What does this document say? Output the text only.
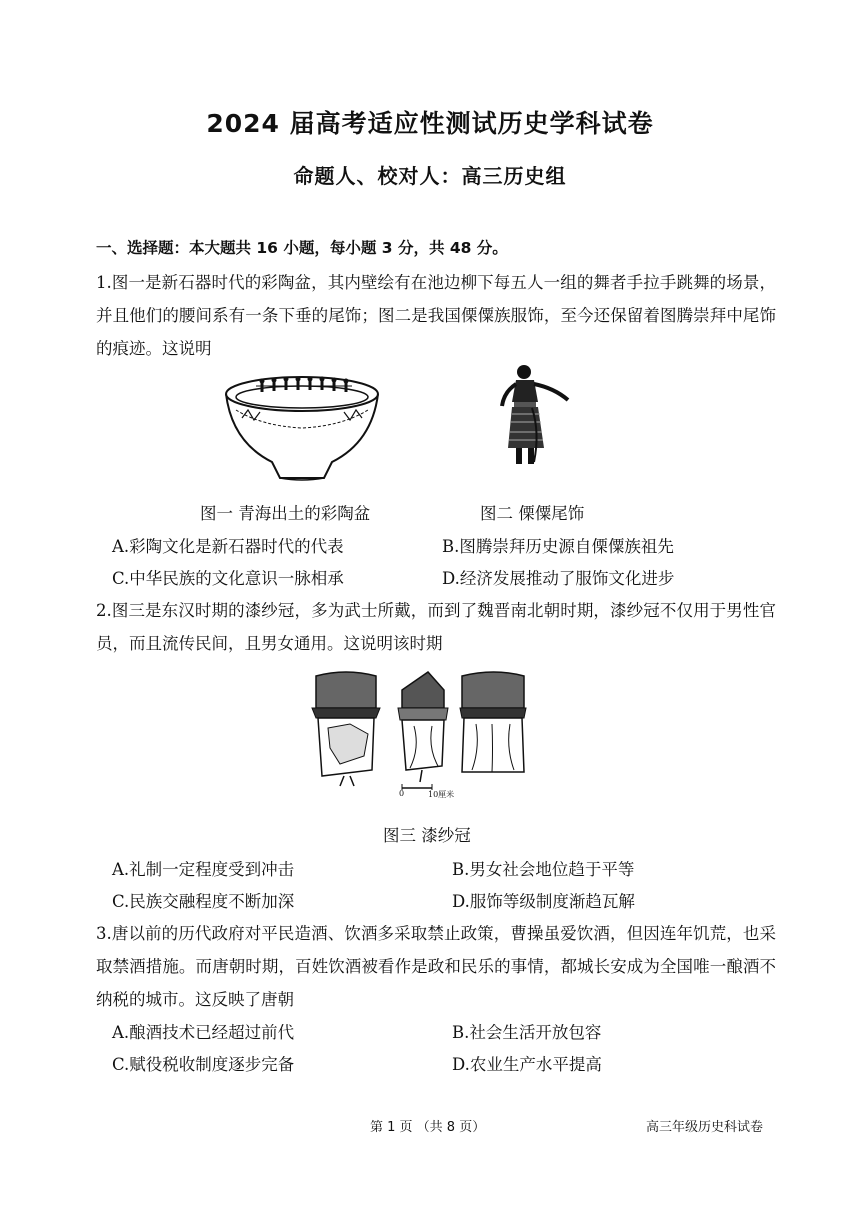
2024 届高考适应性测试历史学科试卷
命题人、校对人：高三历史组
一、选择题：本大题共 16 小题，每小题 3 分，共 48 分。
1.图一是新石器时代的彩陶盆，其内壁绘有在池边柳下每五人一组的舞者手拉手跳舞的场景，并且他们的腰间系有一条下垂的尾饰；图二是我国傈僳族服饰，至今还保留着图腾崇拜中尾饰的痕迹。这说明
图一 青海出土的彩陶盆	图二 傈僳尾饰
A.彩陶文化是新石器时代的代表	B.图腾崇拜历史源自傈僳族祖先
C.中华民族的文化意识一脉相承	D.经济发展推动了服饰文化进步
2.图三是东汉时期的漆纱冠，多为武士所戴，而到了魏晋南北朝时期，漆纱冠不仅用于男性官员，而且流传民间，且男女通用。这说明该时期
0	10厘米
图三 漆纱冠
A.礼制一定程度受到冲击	B.男女社会地位趋于平等
C.民族交融程度不断加深	D.服饰等级制度渐趋瓦解
3.唐以前的历代政府对平民造酒、饮酒多采取禁止政策，曹操虽爱饮酒，但因连年饥荒，也采取禁酒措施。而唐朝时期，百姓饮酒被看作是政和民乐的事情，都城长安成为全国唯一酿酒不纳税的城市。这反映了唐朝
A.酿酒技术已经超过前代	B.社会生活开放包容
C.赋役税收制度逐步完备	D.农业生产水平提高
第 1 页 （共 8 页）	高三年级历史科试卷
